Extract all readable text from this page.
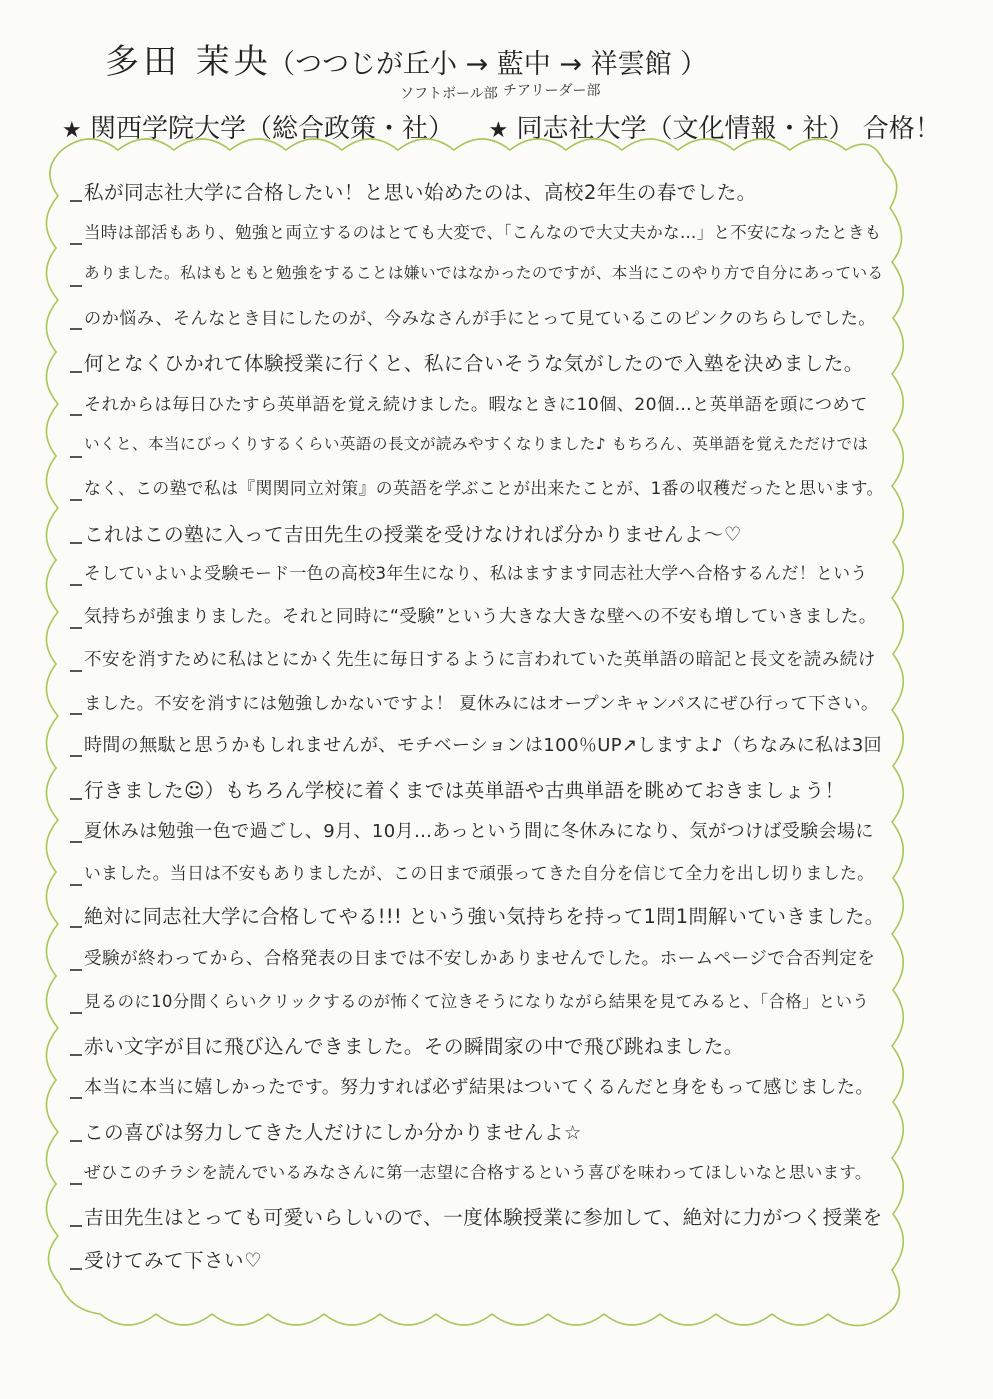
多田 茉央
（つつじが丘小 → 藍中 → 祥雲館 ）
ソフトボール部 チアリーダー部
★ 関西学院大学（総合政策・社） ★ 同志社大学（文化情報・社） 合格！
私が同志社大学に合格したい！と思い始めたのは、高校2年生の春でした。
当時は部活もあり、勉強と両立するのはとても大変で、「こんなので大丈夫かな…」と不安になったときも
ありました。私はもともと勉強をすることは嫌いではなかったのですが、本当にこのやり方で自分にあっている
のか悩み、そんなとき目にしたのが、今みなさんが手にとって見ているこのピンクのちらしでした。
何となくひかれて体験授業に行くと、私に合いそうな気がしたので入塾を決めました。
それからは毎日ひたすら英単語を覚え続けました。暇なときに10個、20個…と英単語を頭につめて
いくと、本当にびっくりするくらい英語の長文が読みやすくなりました♪ もちろん、英単語を覚えただけでは
なく、この塾で私は『関関同立対策』の英語を学ぶことが出来たことが、1番の収穫だったと思います。
これはこの塾に入って吉田先生の授業を受けなければ分かりませんよ～♡
そしていよいよ受験モード一色の高校3年生になり、私はますます同志社大学へ合格するんだ！という
気持ちが強まりました。それと同時に“受験”という大きな大きな壁への不安も増していきました。
不安を消すために私はとにかく先生に毎日するように言われていた英単語の暗記と長文を読み続け
ました。不安を消すには勉強しかないですよ！ 夏休みにはオープンキャンパスにぜひ行って下さい。
時間の無駄と思うかもしれませんが、モチベーションは100％UP↗しますよ♪（ちなみに私は3回
行きました☺）もちろん学校に着くまでは英単語や古典単語を眺めておきましょう！
夏休みは勉強一色で過ごし、9月、10月…あっという間に冬休みになり、気がつけば受験会場に
いました。当日は不安もありましたが、この日まで頑張ってきた自分を信じて全力を出し切りました。
絶対に同志社大学に合格してやる!!! という強い気持ちを持って1問1問解いていきました。
受験が終わってから、合格発表の日までは不安しかありませんでした。ホームページで合否判定を
見るのに10分間くらいクリックするのが怖くて泣きそうになりながら結果を見てみると、「合格」という
赤い文字が目に飛び込んできました。その瞬間家の中で飛び跳ねました。
本当に本当に嬉しかったです。努力すれば必ず結果はついてくるんだと身をもって感じました。
この喜びは努力してきた人だけにしか分かりませんよ☆
ぜひこのチラシを読んでいるみなさんに第一志望に合格するという喜びを味わってほしいなと思います。
吉田先生はとっても可愛いらしいので、一度体験授業に参加して、絶対に力がつく授業を
受けてみて下さい♡
